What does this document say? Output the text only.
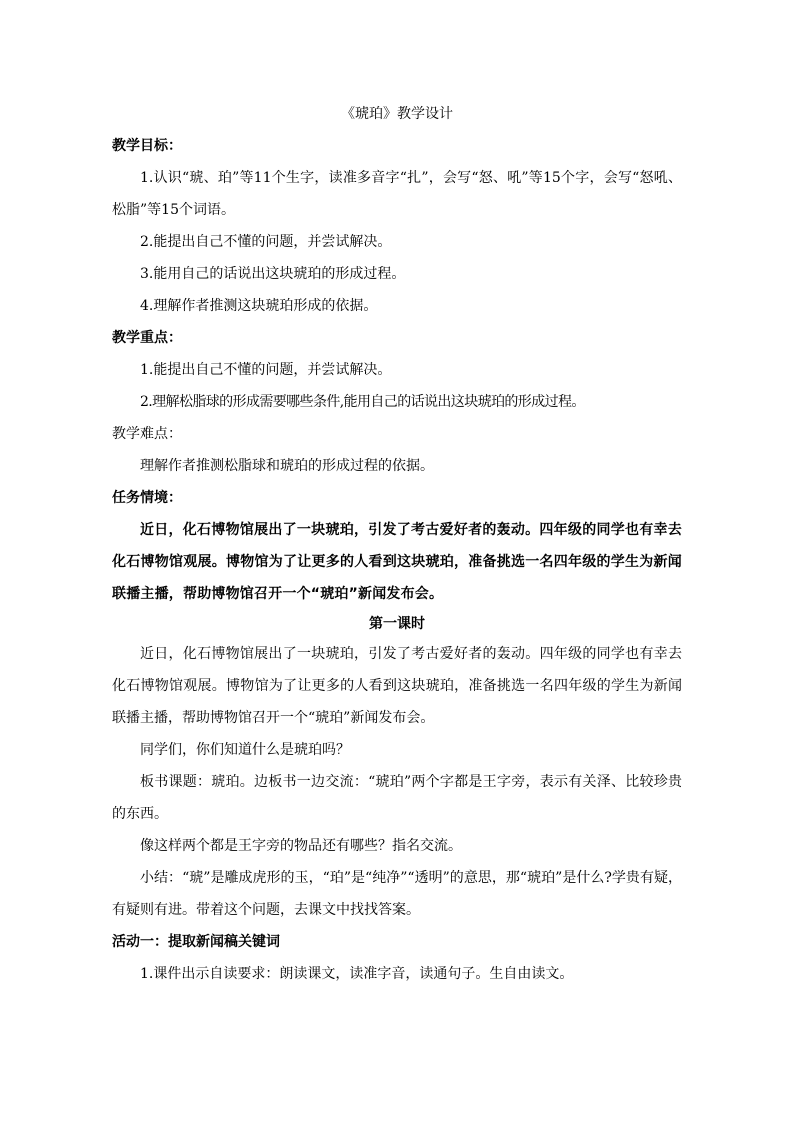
《琥珀》教学设计
教学目标：
1.认识“琥、珀”等11个生字，读准多音字“扎”，会写“怒、吼”等15个字，会写“怒吼、松脂”等15个词语。
2.能提出自己不懂的问题，并尝试解决。
3.能用自己的话说出这块琥珀的形成过程。
4.理解作者推测这块琥珀形成的依据。
教学重点：
1.能提出自己不懂的问题，并尝试解决。
2.理解松脂球的形成需要哪些条件,能用自己的话说出这块琥珀的形成过程。
教学难点：
理解作者推测松脂球和琥珀的形成过程的依据。
任务情境：
近日，化石博物馆展出了一块琥珀，引发了考古爱好者的轰动。四年级的同学也有幸去化石博物馆观展。博物馆为了让更多的人看到这块琥珀，准备挑选一名四年级的学生为新闻联播主播，帮助博物馆召开一个“琥珀”新闻发布会。
第一课时
近日，化石博物馆展出了一块琥珀，引发了考古爱好者的轰动。四年级的同学也有幸去化石博物馆观展。博物馆为了让更多的人看到这块琥珀，准备挑选一名四年级的学生为新闻联播主播，帮助博物馆召开一个“琥珀”新闻发布会。
同学们，你们知道什么是琥珀吗？
板书课题：琥珀。边板书一边交流：“琥珀”两个字都是王字旁，表示有关泽、比较珍贵的东西。
像这样两个都是王字旁的物品还有哪些？指名交流。
小结：“琥”是雕成虎形的玉，“珀”是“纯净”“透明”的意思，那“琥珀”是什么?学贵有疑，有疑则有进。带着这个问题，去课文中找找答案。
活动一：提取新闻稿关键词
1.课件出示自读要求：朗读课文，读准字音，读通句子。生自由读文。
